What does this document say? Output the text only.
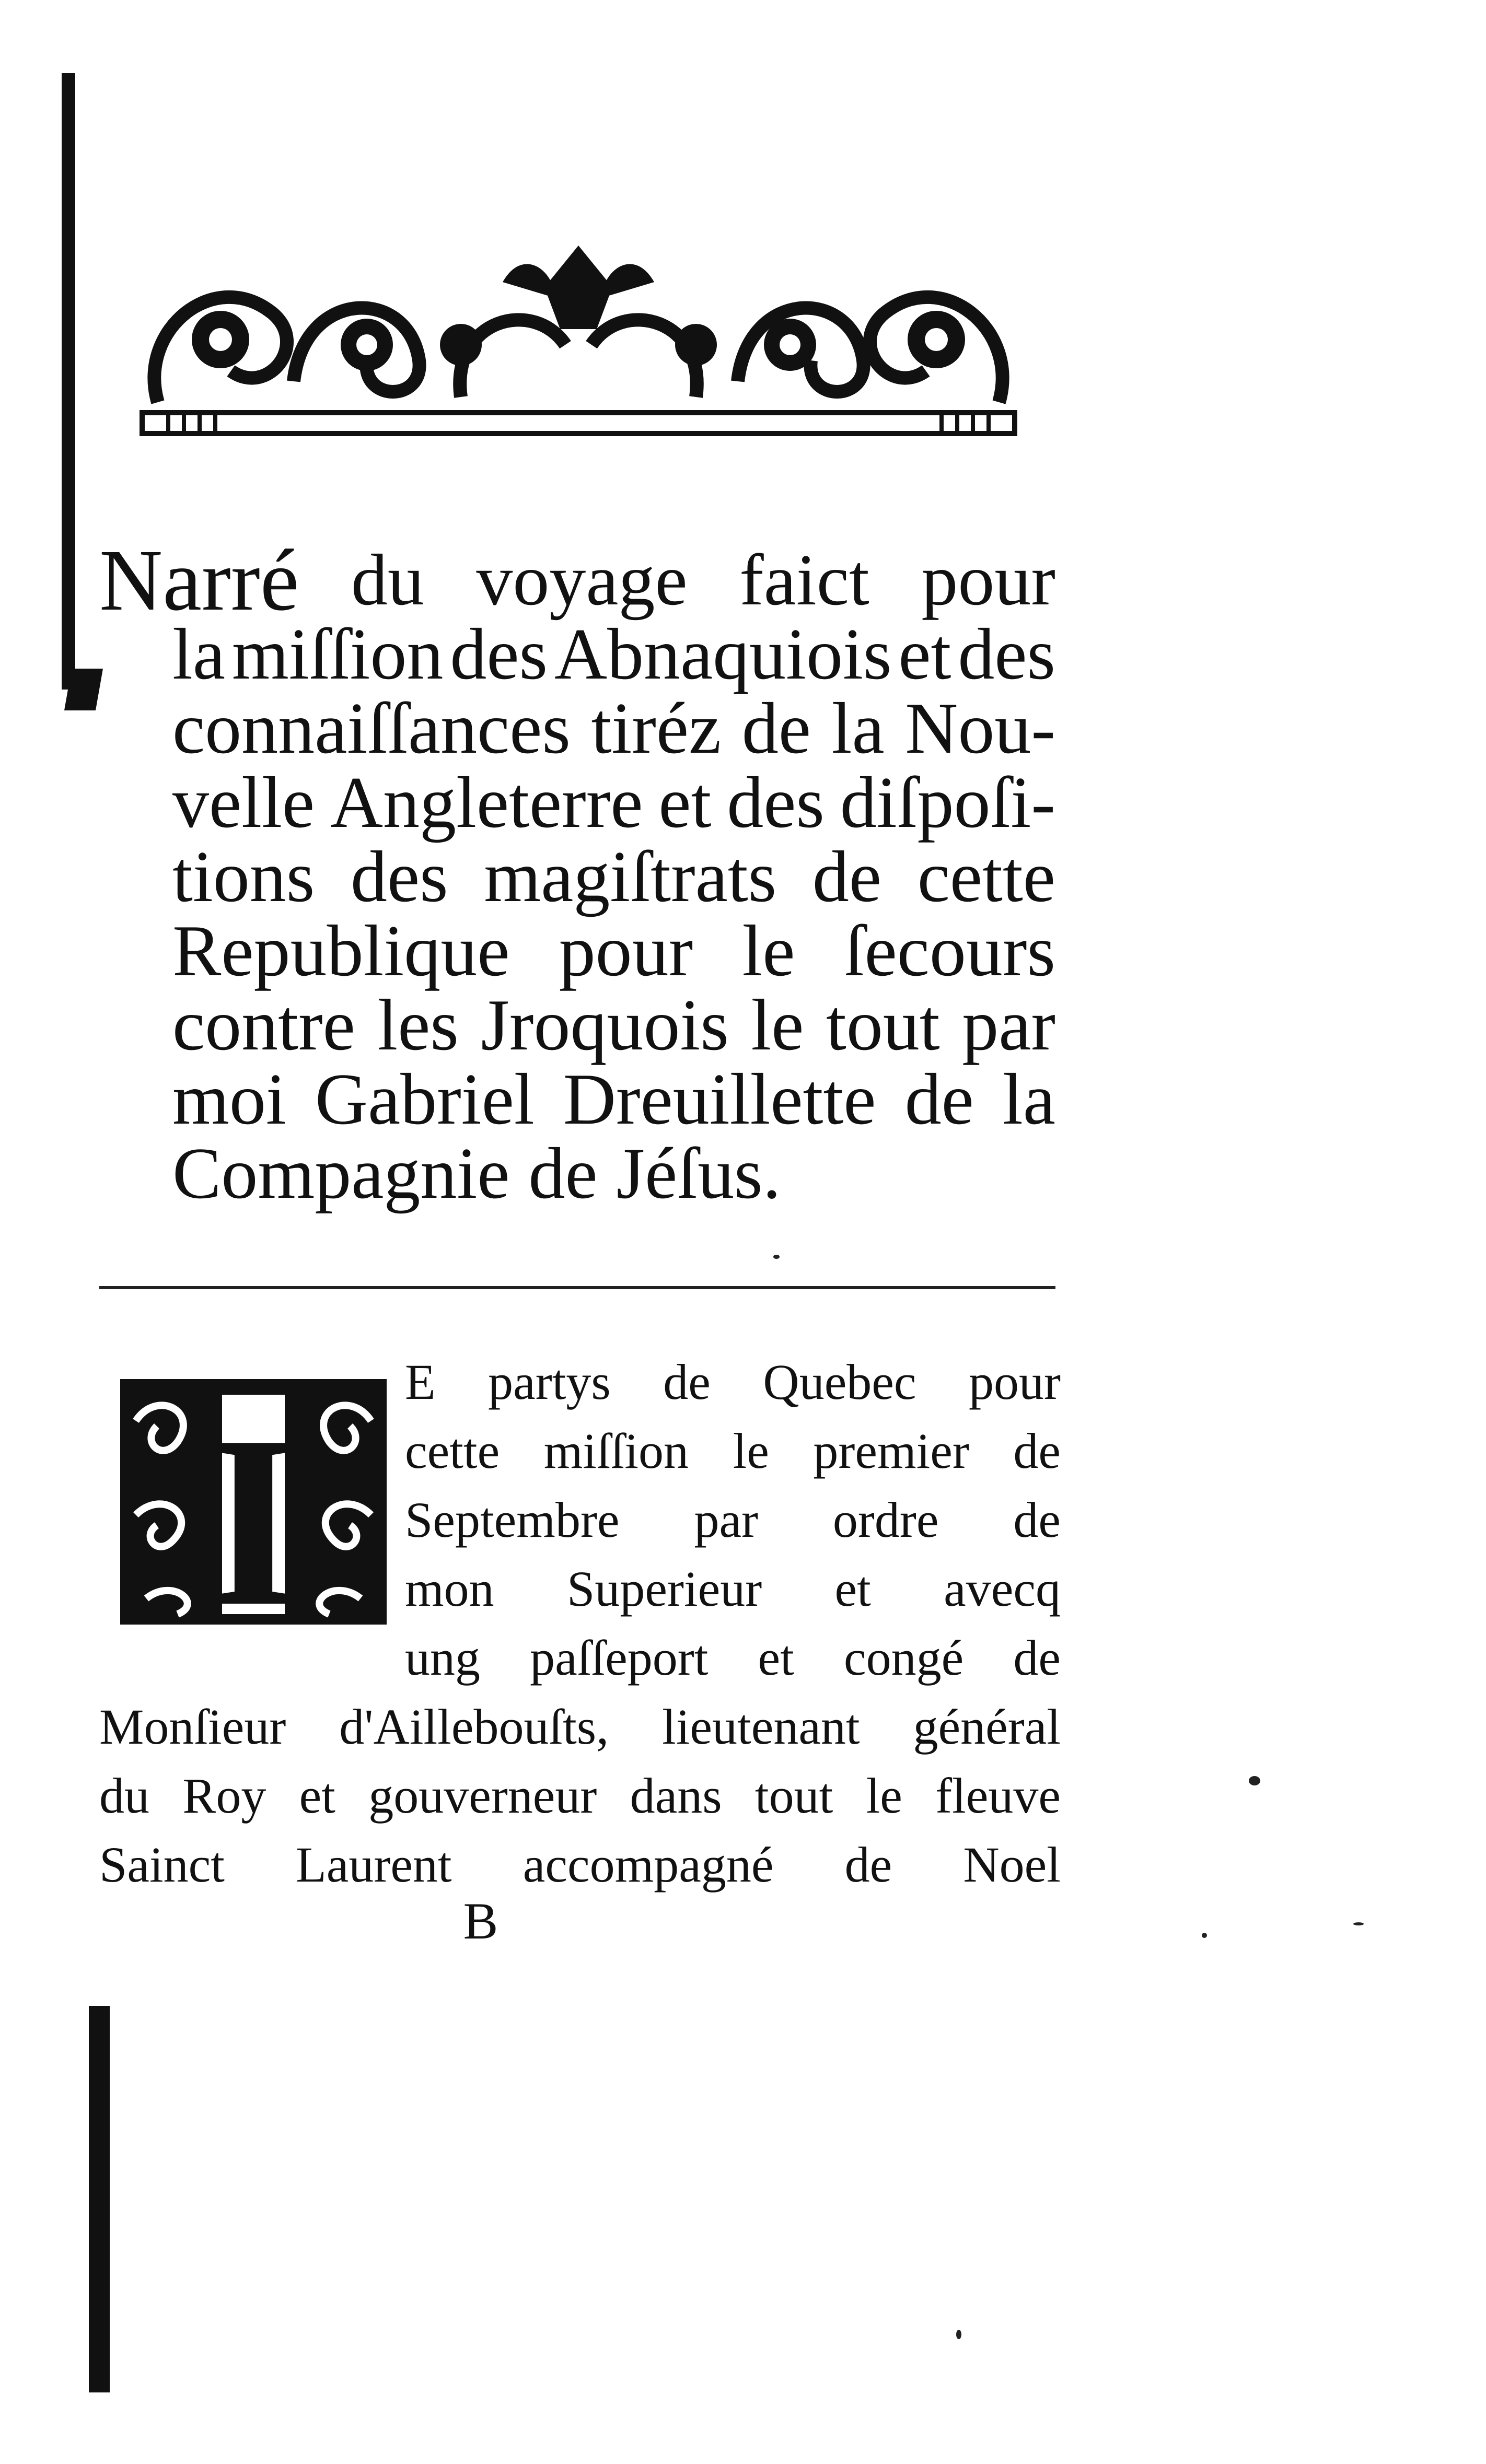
Narré du voyage faict pour
la miſſion des Abnaquiois et des
connaiſſances tiréz de la Nou-
velle Angleterre et des diſpoſi-
tions des magiſtrats de cette
Republique pour le ſecours
contre les Jroquois le tout par
moi Gabriel Dreuillette de la
Compagnie de Jéſus.
I
E partys de Quebec pour
cette miſſion le premier de
Septembre par ordre de
mon Superieur et avecq
ung paſſeport et congé de
Monſieur d'Aillebouſts, lieutenant général
du Roy et gouverneur dans tout le fleuve
Sainct Laurent accompagné de Noel
B
